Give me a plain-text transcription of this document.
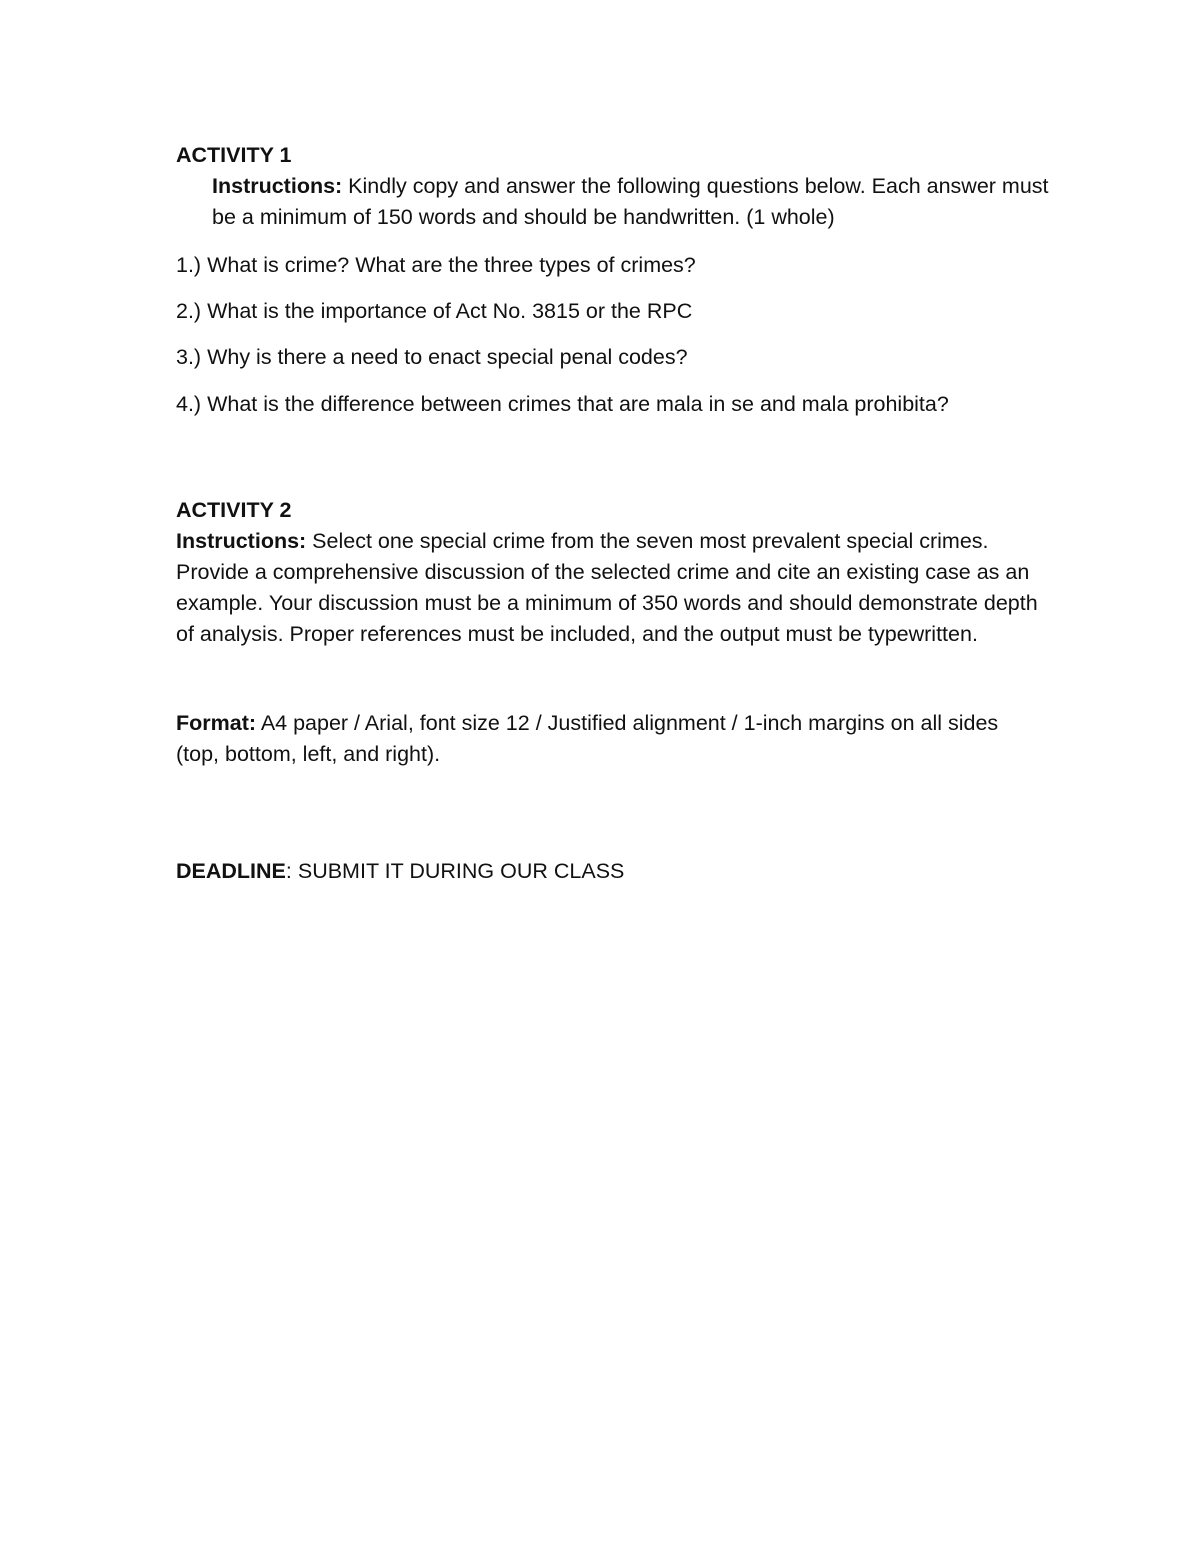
ACTIVITY 1
Instructions: Kindly copy and answer the following questions below. Each answer must be a minimum of 150 words and should be handwritten. (1 whole)
1.) What is crime? What are the three types of crimes?
2.) What is the importance of Act No. 3815 or the RPC
3.) Why is there a need to enact special penal codes?
4.) What is the difference between crimes that are mala in se and mala prohibita?
ACTIVITY 2
Instructions: Select one special crime from the seven most prevalent special crimes. Provide a comprehensive discussion of the selected crime and cite an existing case as an example. Your discussion must be a minimum of 350 words and should demonstrate depth of analysis. Proper references must be included, and the output must be typewritten.
Format: A4 paper / Arial, font size 12 / Justified alignment / 1-inch margins on all sides (top, bottom, left, and right).
DEADLINE: SUBMIT IT DURING OUR CLASS
